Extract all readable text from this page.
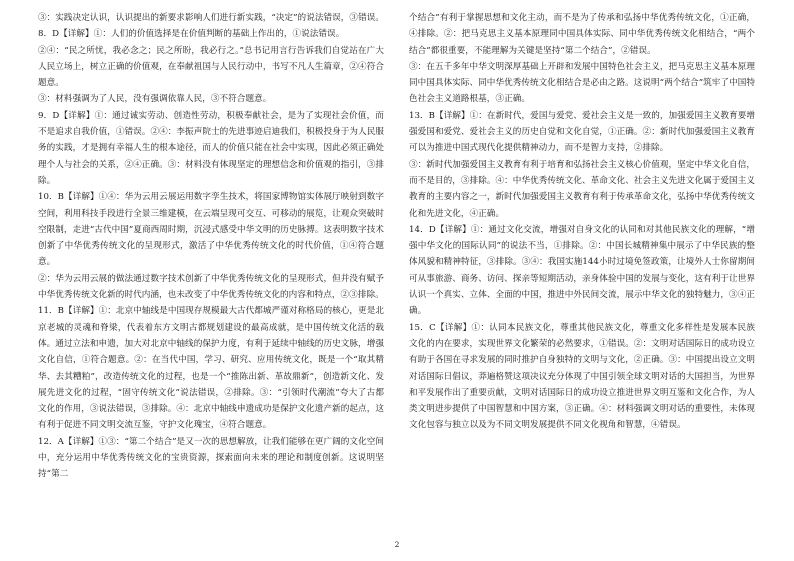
③：实践决定认识，认识提出的新要求影响人们进行新实践，“决定”的说法错误，③错误。

8．D【详解】①：人们的价值选择是在价值判断的基础上作出的，①说法错误。

②④：“民之所忧，我必念之；民之所盼，我必行之。”总书记用言行告诉我们自觉站在广大人民立场上，树立正确的价值观，在奉献祖国与人民行动中，书写不凡人生篇章，②④符合题意。

③：材料强调为了人民，没有强调依靠人民，③不符合题意。

9．D【详解】①：通过诚实劳动、创造性劳动，积极奉献社会，是为了实现社会价值，而不是追求自我价值，①错误。②④：李振声院士的先进事迹启迪我们，积极投身于为人民服务的实践，才是拥有幸福人生的根本途径，而人的价值只能在社会中实现，因此必须正确处理个人与社会的关系，②④正确。③：材料没有体现坚定的理想信念和价值观的指引，③排除。

10．B【详解】①④：华为云用云展运用数字孪生技术，将国家博物馆实体展厅映射到数字空间，利用科技手段进行全景三维建模，在云端呈现可交互、可移动的展览，让观众突破时空限制，走进“古代中国”夏商西周时期，沉浸式感受中华文明的历史脉搏。这表明数字技术创新了中华优秀传统文化的呈现形式，激活了中华优秀传统文化的时代价值，①④符合题意。

②：华为云用云展的做法通过数字技术创新了中华优秀传统文化的呈现形式，但并没有赋予中华优秀传统文化新的时代内涵，也未改变了中华优秀传统文化的内容和特点，②③排除。

11．B【详解】①：北京中轴线是中国现存规模最大古代都城严谨对称格局的核心，更是北京老城的灵魂和脊梁，代表着东方文明古都规划建设的最高成就，是中国传统文化活的载体。通过立法和申遗，加大对北京中轴线的保护力度，有利于延续中轴线的历史文脉，增强文化自信，①符合题意。②：在当代中国，学习、研究、应用传统文化，既是一个“取其精华、去其糟粕”，改造传统文化的过程，也是一个“推陈出新、革故鼎新”，创造新文化、发展先进文化的过程，“固守传统文化”说法错误，②排除。③：“引领时代潮流”夸大了古都文化的作用，③说法错误，③排除。④：北京中轴线申遗成功是保护文化遗产新的起点，这有利于促进不同文明交流互鉴，守护文化瑰宝，④符合题意。

12．A【详解】①③：“第二个结合”是又一次的思想解放，让我们能够在更广阔的文化空间中，充分运用中华优秀传统文化的宝贵资源，探索面向未来的理论和制度创新。这说明坚持“第二

个结合”有利于掌握思想和文化主动，而不是为了传承和弘扬中华优秀传统文化，①正确，④排除。②：把马克思主义基本原理同中国具体实际、同中华优秀传统文化相结合，“两个结合”都很重要，不能理解为关键是坚持“第二个结合”，②错误。

③：在五千多年中华文明深厚基础上开辟和发展中国特色社会主义，把马克思主义基本原理同中国具体实际、同中华优秀传统文化相结合是必由之路。这说明“两个结合”筑牢了中国特色社会主义道路根基，③正确。

13．B【详解】①：在新时代，爱国与爱党、爱社会主义是一致的，加强爱国主义教育要增强爱国和爱党、爱社会主义的历史自觉和文化自觉，①正确。②：新时代加强爱国主义教育可以为推进中国式现代化提供精神动力，而不是智力支持，②排除。

③：新时代加强爱国主义教育有利于培育和弘扬社会主义核心价值观，坚定中华文化自信，而不是目的，③排除。④：中华优秀传统文化、革命文化、社会主义先进文化属于爱国主义教育的主要内容之一，新时代加强爱国主义教育有利于传承革命文化，弘扬中华优秀传统文化和先进文化，④正确。

14．D【详解】①：通过文化交流，增强对自身文化的认同和对其他民族文化的理解，“增强中华文化的国际认同”的说法不当，①排除。②：中国长城精神集中展示了中华民族的整体风貌和精神特征，③排除。③④：我国实施144小时过境免签政策，让境外人士你留期间可从事旅游、商务、访问、探亲等短期活动，亲身体验中国的发展与变化，这有利于让世界认识一个真实、立体、全面的中国，推进中外民间交流，展示中华文化的独特魅力，③④正确。

15．C【详解】①：认同本民族文化，尊重其他民族文化，尊重文化多样性是发展本民族文化的内在要求，实现世界文化繁荣的必然要求，①错误。②：文明对话国际日的成功设立有助于各国在寻求发展的同时推护自身独特的文明与文化，②正确。③：中国提出设立文明对话国际日倡议，莽遍格赞这项决议充分体现了中国引领全球文明对话的大国担当，为世界和平发展作出了重要贡献，文明对话国际日的成功设立推进世界文明互鉴和文化合作，为人类文明进步提供了中国智慧和中国方案，③正确。④：材料强调文明对话的重要性，未体现文化包容与独立以及为不同文明发展提供不同文化视角和智慧，④错误。

2
